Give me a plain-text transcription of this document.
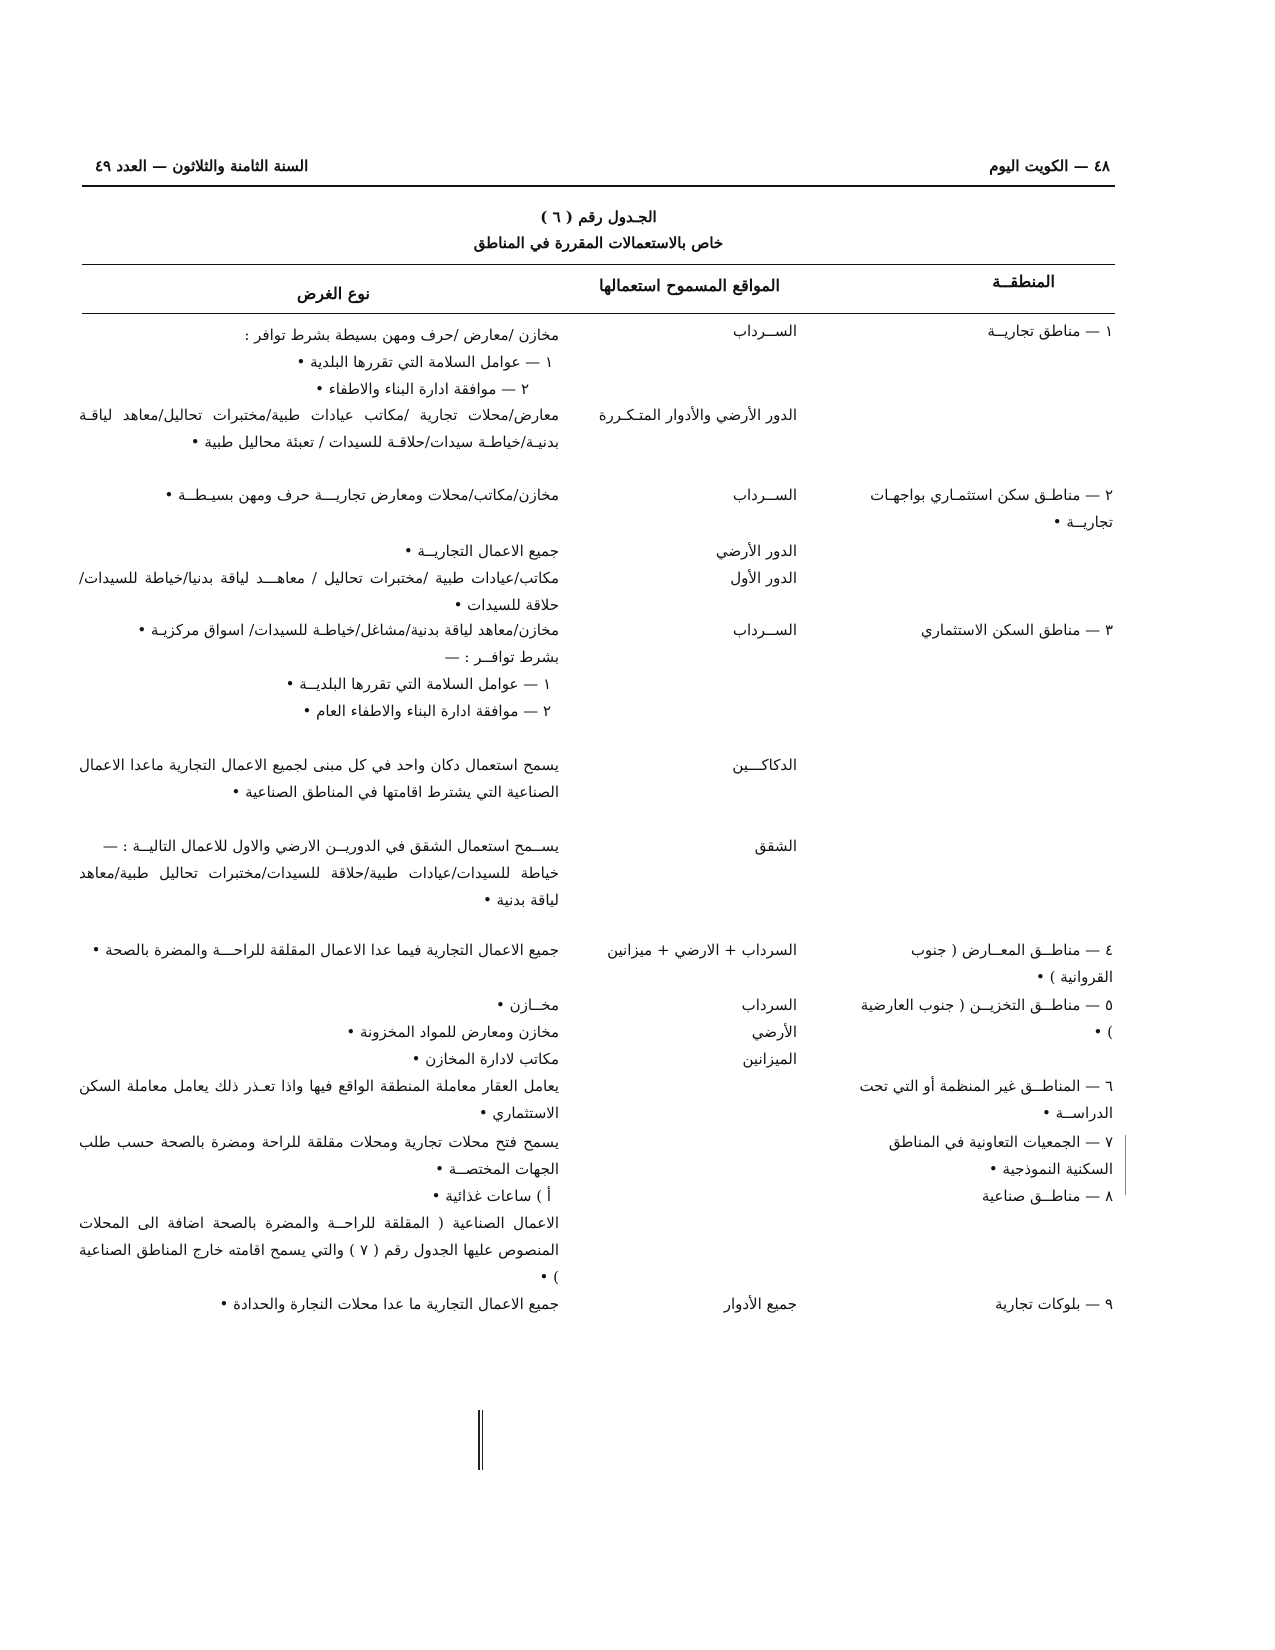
٤٨ — الكويت اليوم
السنة الثامنة والثلاثون — العدد ٤٩
الجـدول رقم ( ٦ )
خاص بالاستعمالات المقررة في المناطق
المنطقــة
المواقع المسموح استعمالها
نوع الغرض
١ — مناطق تجاريــة
الســرداب
مخازن /معارض /حرف ومهن بسيطة بشرط توافر :
١ — عوامل السلامة التي تقررها البلدية •
٢ — موافقة ادارة البناء والاطفاء •
الدور الأرضي والأدوار المتـكـررة
معارض/محلات تجارية /مكاتب عيادات طبية/مختبرات تحاليل/معاهد لياقـة بدنيـة/خياطـة سيدات/حلاقـة للسيدات / تعبئة محاليل طبية •
٢ — مناطـق سكن استثمـاري بواجهـات تجاريــة •
الســرداب
مخازن/مكاتب/محلات ومعارض تجاريـــة حرف ومهن بسيـطــة •
الدور الأرضي
جميع الاعمال التجاريــة •
الدور الأول
مكاتب/عيادات طبية /مختبرات تحاليل / معاهـــد لياقة بدنيا/خياطة للسيدات/حلاقة للسيدات •
٣ — مناطق السكن الاستثماري
الســرداب
مخازن/معاهد لياقة بدنية/مشاغل/خياطـة للسيدات/ اسواق مركزيـة •
بشرط توافــر : —
١ — عوامل السلامة التي تقررها البلديــة •
٢ — موافقة ادارة البناء والاطفاء العام •
الدكاكـــين
يسمح استعمال دكان واحد في كل مبنى لجميع الاعمال التجارية ماعدا الاعمال الصناعية التي يشترط اقامتها في المناطق الصناعية •
الشقق
يســمح استعمال الشقق في الدوريــن الارضي والاول للاعمال التاليــة : —
خياطة للسيدات/عيادات طبية/حلاقة للسيدات/مختبرات تحاليل طبية/معاهد لياقة بدنية •
٤ — مناطــق المعــارض ( جنوب القروانية ) •
السرداب + الارضي + ميزانين
جميع الاعمال التجارية فيما عدا الاعمال المقلقة للراحـــة والمضرة بالصحة •
٥ — مناطــق التخزيــن ( جنوب العارضية ) •
السرداب
مخــازن •
الأرضي
مخازن ومعارض للمواد المخزونة •
الميزانين
مكاتب لادارة المخازن •
٦ — المناطــق غير المنظمة أو التي تحت الدراســة •
يعامل العقار معاملة المنطقة الواقع فيها واذا تعـذر ذلك يعامل معاملة السكن الاستثماري •
٧ — الجمعيات التعاونية في المناطق السكنية النموذجية •
يسمح فتح محلات تجارية ومحلات مقلقة للراحة ومضرة بالصحة حسب طلب الجهات المختصــة •
أ ) ساعات غذائية •	٨ — مناطــق صناعية
الاعمال الصناعية ( المقلقة للراحــة والمضرة بالصحة اضافة الى المحلات المنصوص عليها الجدول رقم ( ٧ ) والتي يسمح اقامته خارج المناطق الصناعية ) •
٩ — بلوكات تجارية
جميع الأدوار
جميع الاعمال التجارية ما عدا محلات النجارة والحدادة •
